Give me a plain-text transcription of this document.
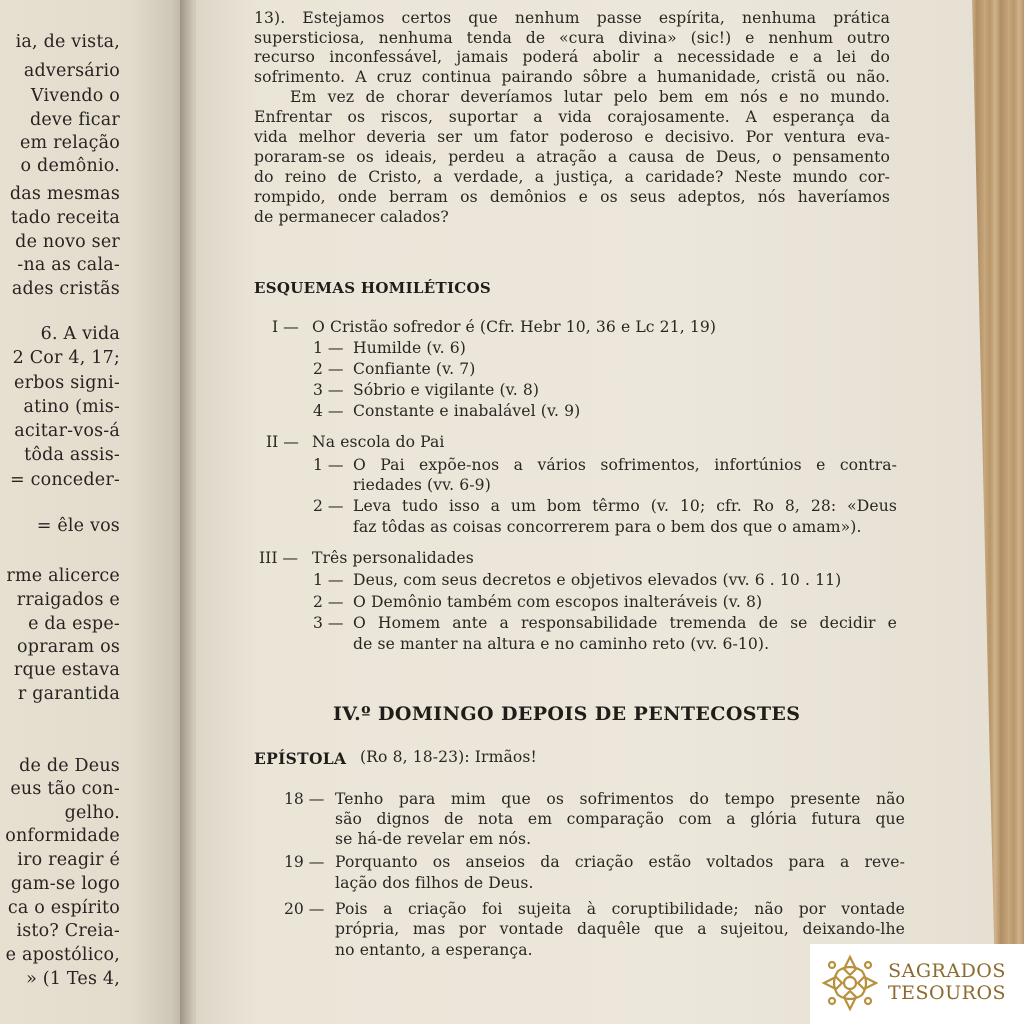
ia, de vista,

adversário

Vivendo o

deve ficar

em relação

o demônio.

das mesmas

tado receita

de novo ser

-na as cala-

ades cristãs

6. A vida

2 Cor 4, 17;

erbos signi-

atino (mis-

acitar-vos-á

tôda assis-

= conceder-

= êle vos

rme alicerce

rraigados e

e da espe-

opraram os

rque estava

r garantida

de de Deus

eus tão con-

gelho.

onformidade

iro reagir é

gam-se logo

ca o espírito

isto? Creia-

e apostólico,

» (1 Tes 4,

13). Estejamos certos que nenhum passe espírita, nenhuma prática

supersticiosa, nenhuma tenda de «cura divina» (sic!) e nenhum outro

recurso inconfessável, jamais poderá abolir a necessidade e a lei do

sofrimento. A cruz continua pairando sôbre a humanidade, cristã ou não.

Em vez de chorar deveríamos lutar pelo bem em nós e no mundo.

Enfrentar os riscos, suportar a vida corajosamente. A esperança da

vida melhor deveria ser um fator poderoso e decisivo. Por ventura eva-

poraram-se os ideais, perdeu a atração a causa de Deus, o pensamento

do reino de Cristo, a verdade, a justiça, a caridade? Neste mundo cor-

rompido, onde berram os demônios e os seus adeptos, nós haveríamos

de permanecer calados?

ESQUEMAS HOMILÉTICOS

I — O Cristão sofredor é (Cfr. Hebr 10, 36 e Lc 21, 19)

1 — Humilde (v. 6)

2 — Confiante (v. 7)

3 — Sóbrio e vigilante (v. 8)

4 — Constante e inabalável (v. 9)

II — Na escola do Pai

1 — O Pai expõe-nos a vários sofrimentos, infortúnios e contra-

riedades (vv. 6-9)

2 — Leva tudo isso a um bom têrmo (v. 10; cfr. Ro 8, 28: «Deus

faz tôdas as coisas concorrerem para o bem dos que o amam»).

III — Três personalidades

1 — Deus, com seus decretos e objetivos elevados (vv. 6 . 10 . 11)

2 — O Demônio também com escopos inalteráveis (v. 8)

3 — O Homem ante a responsabilidade tremenda de se decidir e

de se manter na altura e no caminho reto (vv. 6-10).

IV.º DOMINGO DEPOIS DE PENTECOSTES

EPÍSTOLA (Ro 8, 18-23): Irmãos!

18 — Tenho para mim que os sofrimentos do tempo presente não

são dignos de nota em comparação com a glória futura que

se há-de revelar em nós.

19 — Porquanto os anseios da criação estão voltados para a reve-

lação dos filhos de Deus.

20 — Pois a criação foi sujeita à coruptibilidade; não por vontade

própria, mas por vontade daquêle que a sujeitou, deixando-lhe

no entanto, a esperança.

SAGRADOS
TESOUROS
